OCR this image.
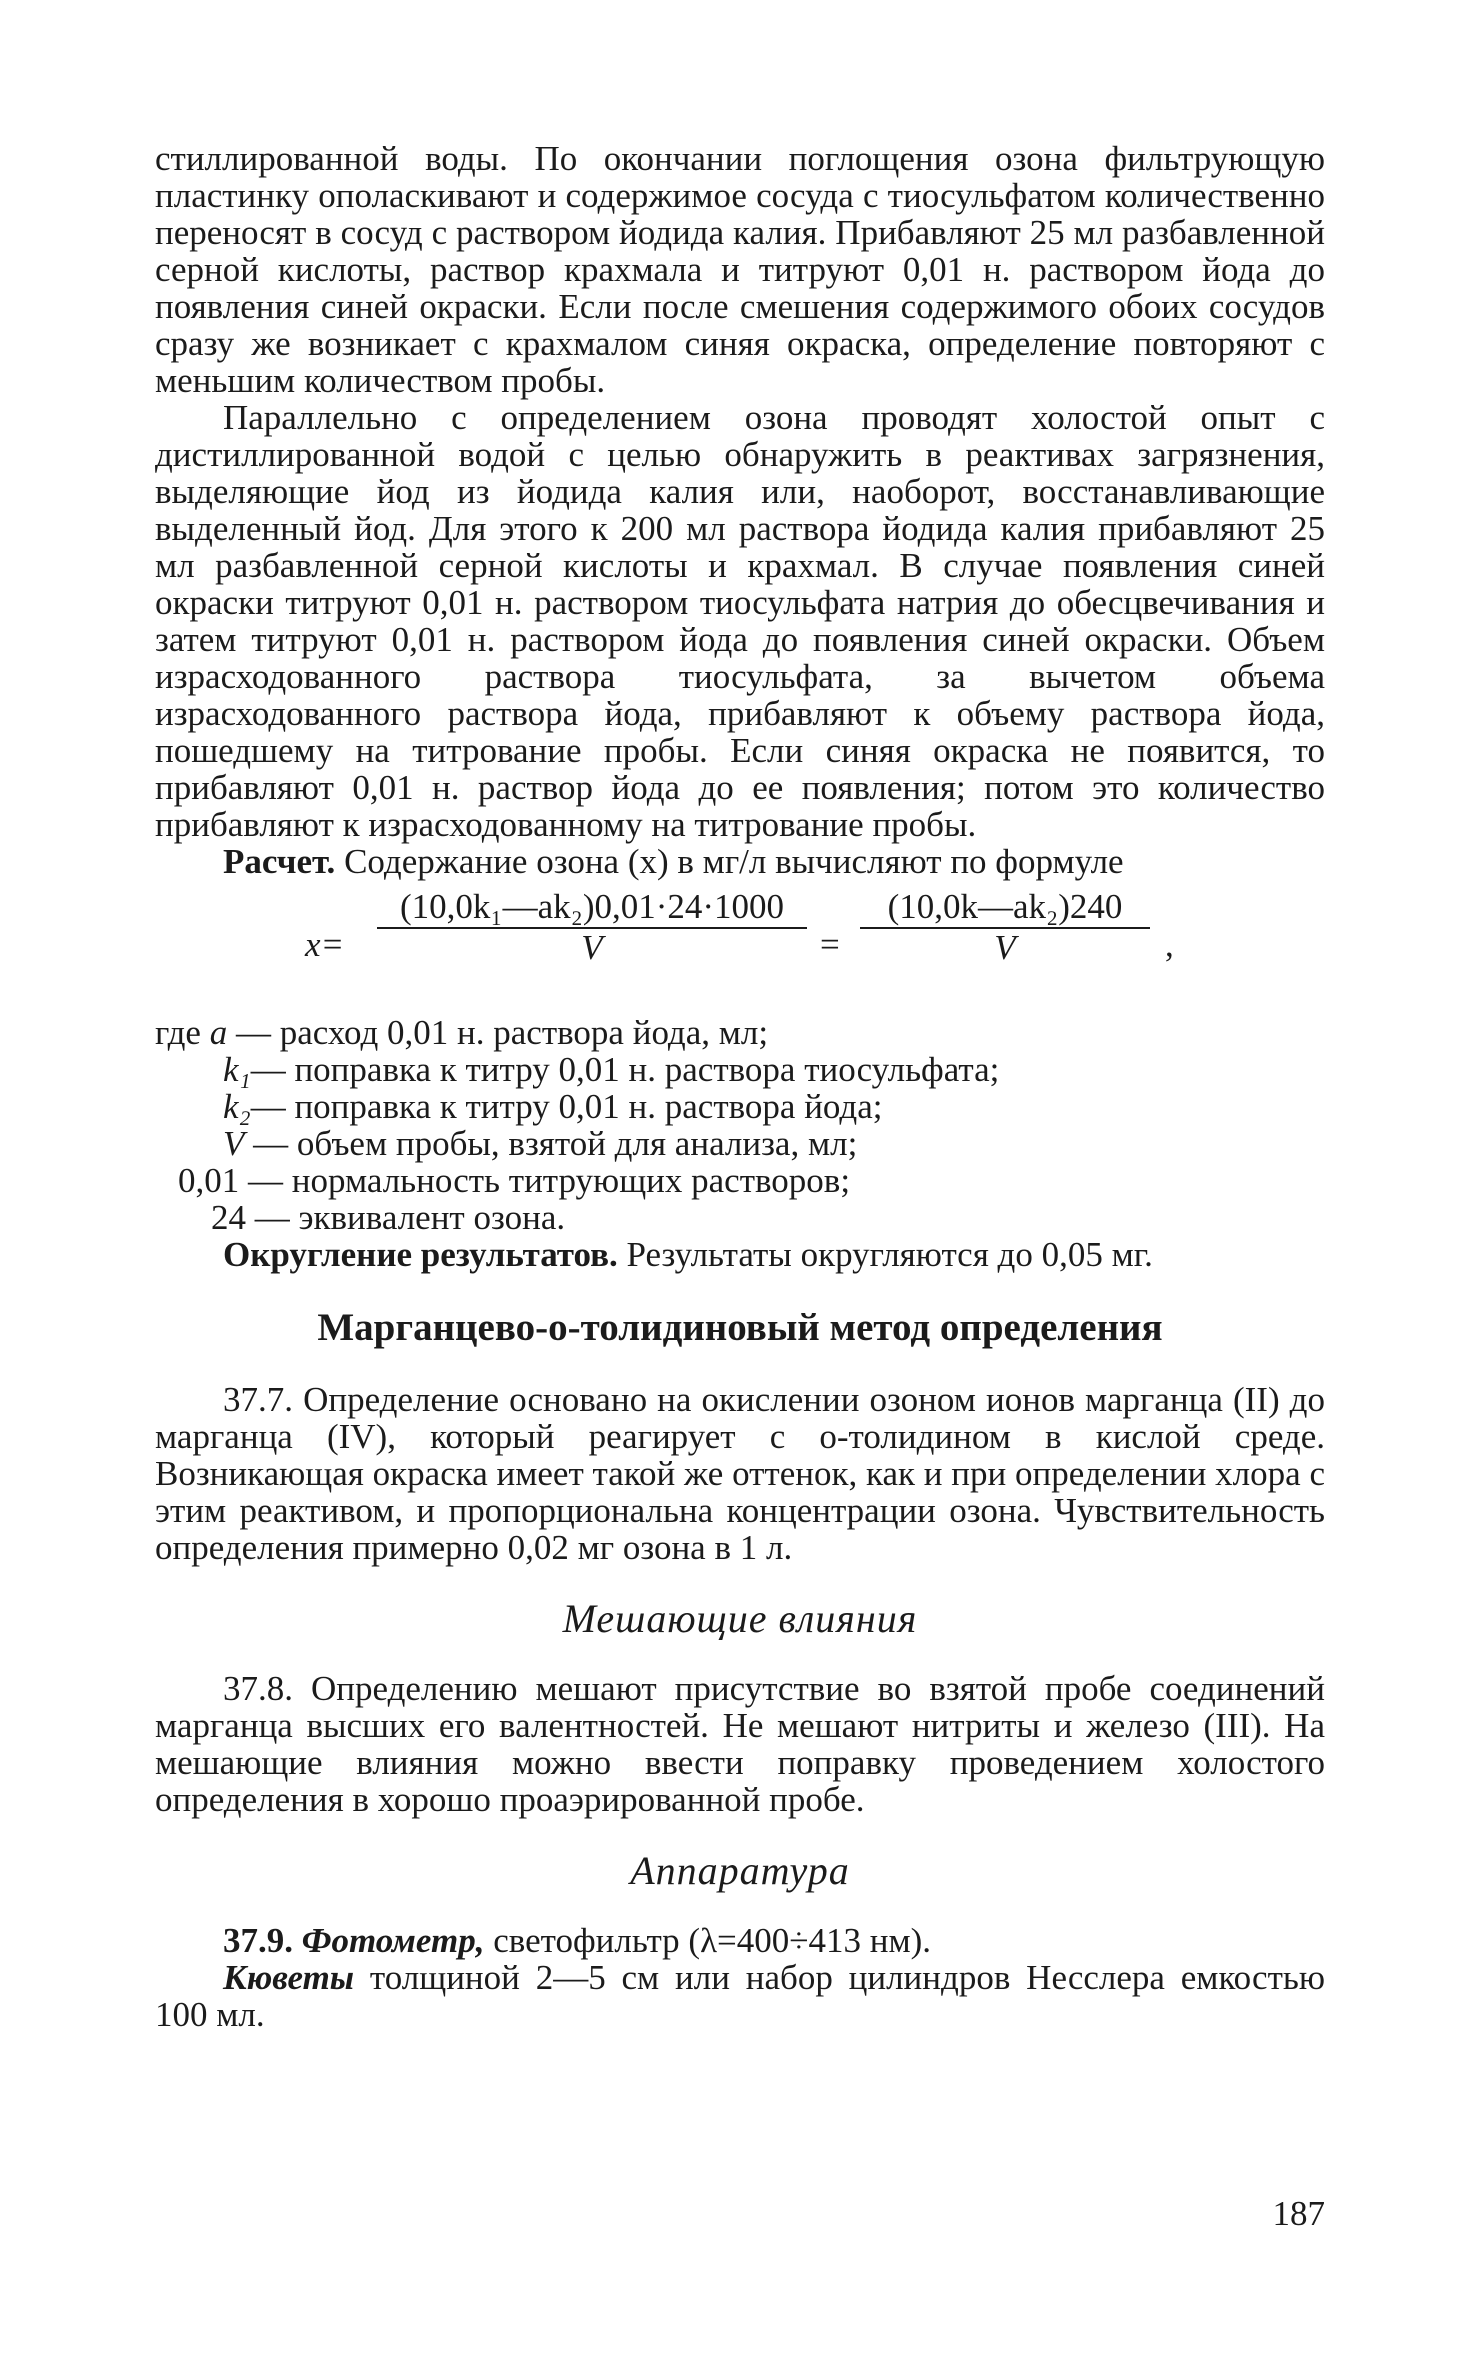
стиллированной воды. По окончании поглощения озона фильтрующую пластинку ополаскивают и содержимое сосуда с тиосульфатом количественно переносят в сосуд с раствором йодида калия. Прибавляют 25 мл разбавленной серной кислоты, раствор крахмала и титруют 0,01 н. раствором йода до появления синей окраски. Если после смешения содержимого обоих сосудов сразу же возникает с крахмалом синяя окраска, определение повторяют с меньшим количеством пробы.

Параллельно с определением озона проводят холостой опыт с дистиллированной водой с целью обнаружить в реактивах загрязнения, выделяющие йод из йодида калия или, наоборот, восстанавливающие выделенный йод. Для этого к 200 мл раствора йодида калия прибавляют 25 мл разбавленной серной кислоты и крахмал. В случае появления синей окраски титруют 0,01 н. раствором тиосульфата натрия до обесцвечивания и затем титруют 0,01 н. раствором йода до появления синей окраски. Объем израсходованного раствора тиосульфата, за вычетом объема израсходованного раствора йода, прибавляют к объему раствора йода, пошедшему на титрование пробы. Если синяя окраска не появится, то прибавляют 0,01 н. раствор йода до ее появления; потом это количество прибавляют к израсходованному на титрование пробы.

Расчет. Содержание озона (x) в мг/л вычисляют по формуле

x=
(10,0k₁—ak₂)0,01·24·1000
V	=
(10,0k—ak₂)240
V	,
где a — расход 0,01 н. раствора йода, мл;
k₁— поправка к титру 0,01 н. раствора тиосульфата;
k₂— поправка к титру 0,01 н. раствора йода;
V — объем пробы, взятой для анализа, мл;
0,01 — нормальность титрующих растворов;
24 — эквивалент озона.

Округление результатов. Результаты округляются до 0,05 мг.

Марганцево-о-толидиновый метод определения

37.7. Определение основано на окислении озоном ионов марганца (II) до марганца (IV), который реагирует с о-толидином в кислой среде. Возникающая окраска имеет такой же оттенок, как и при определении хлора с этим реактивом, и пропорциональна концентрации озона. Чувствительность определения примерно 0,02 мг озона в 1 л.

Мешающие влияния

37.8. Определению мешают присутствие во взятой пробе соединений марганца высших его валентностей. Не мешают нитриты и железо (III). На мешающие влияния можно ввести поправку проведением холостого определения в хорошо проаэрированной пробе.

Аппаратура

37.9. Фотометр, светофильтр (λ=400÷413 нм).

Кюветы толщиной 2—5 см или набор цилиндров Несслера емкостью 100 мл.

187
